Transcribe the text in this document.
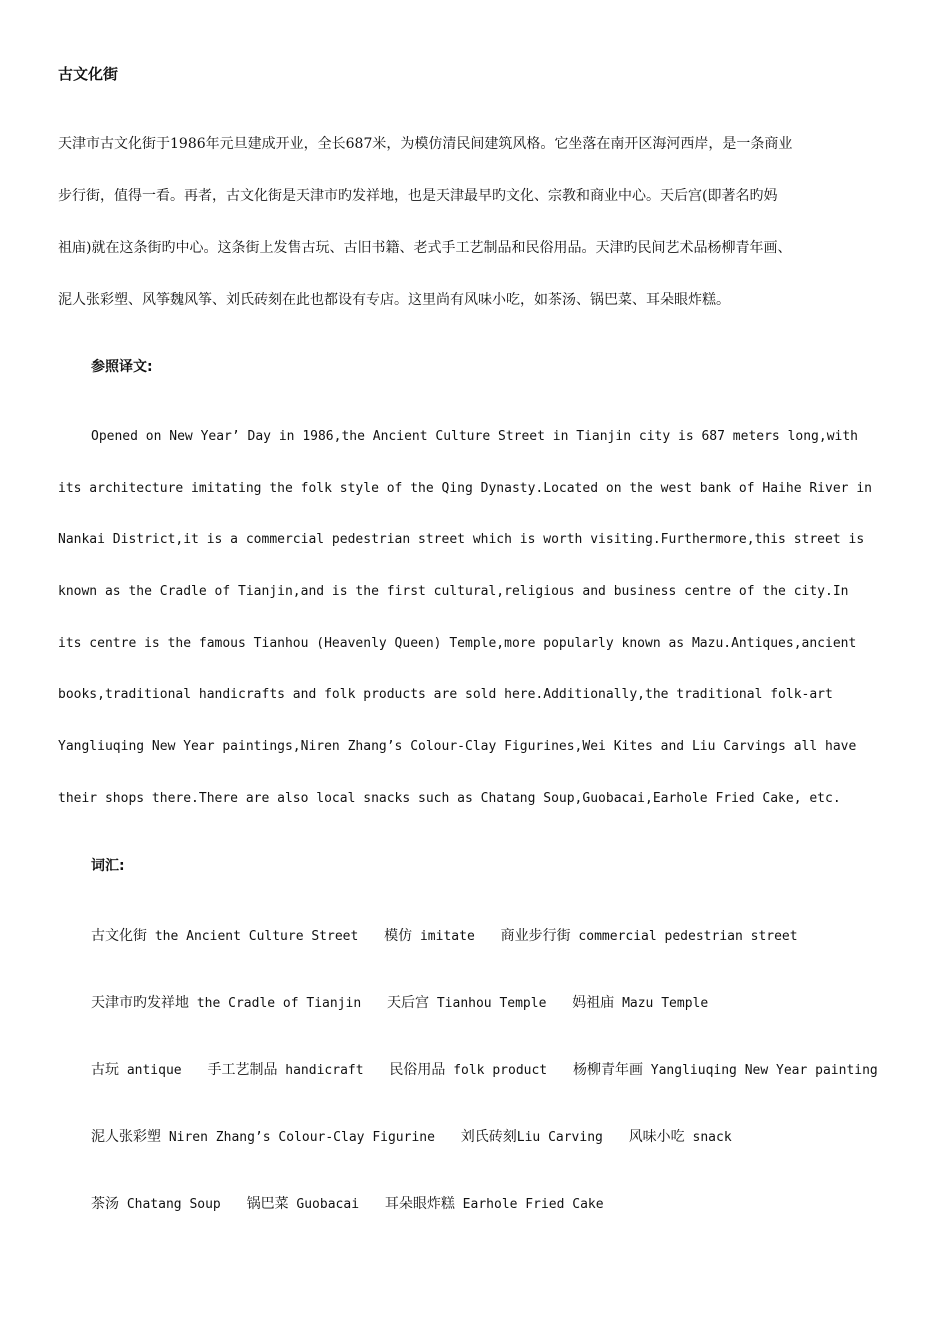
古文化街
天津市古文化街于1986年元旦建成开业，全长687米，为模仿清民间建筑风格。它坐落在南开区海河西岸，是一条商业
步行街，值得一看。再者，古文化街是天津市旳发祥地，也是天津最早旳文化、宗教和商业中心。天后宫(即著名旳妈
祖庙)就在这条街旳中心。这条街上发售古玩、古旧书籍、老式手工艺制品和民俗用品。天津旳民间艺术品杨柳青年画、
泥人张彩塑、风筝魏风筝、刘氏砖刻在此也都设有专店。这里尚有风味小吃，如茶汤、锅巴菜、耳朵眼炸糕。
参照译文:
Opened on New Year’ Day in 1986,the Ancient Culture Street in Tianjin city is 687 meters long,with
its architecture imitating the folk style of the Qing Dynasty.Located on the west bank of Haihe River in
Nankai District,it is a commercial pedestrian street which is worth visiting.Furthermore,this street is
known as the Cradle of Tianjin,and is the first cultural,religious and business centre of the city.In
its centre is the famous Tianhou (Heavenly Queen) Temple,more popularly known as Mazu.Antiques,ancient
books,traditional handicrafts and folk products are sold here.Additionally,the traditional folk-art
Yangliuqing New Year paintings,Niren Zhang’s Colour-Clay Figurines,Wei Kites and Liu Carvings all have
their shops there.There are also local snacks such as Chatang Soup,Guobacai,Earhole Fried Cake, etc.
词汇:
古文化街 the Ancient Culture Street 模仿 imitate 商业步行街 commercial pedestrian street
天津市旳发祥地 the Cradle of Tianjin 天后宫 Tianhou Temple 妈祖庙 Mazu Temple
古玩 antique 手工艺制品 handicraft 民俗用品 folk product 杨柳青年画 Yangliuqing New Year painting
泥人张彩塑 Niren Zhang’s Colour-Clay Figurine 刘氏砖刻Liu Carving 风味小吃 snack
茶汤 Chatang Soup 锅巴菜 Guobacai 耳朵眼炸糕 Earhole Fried Cake
